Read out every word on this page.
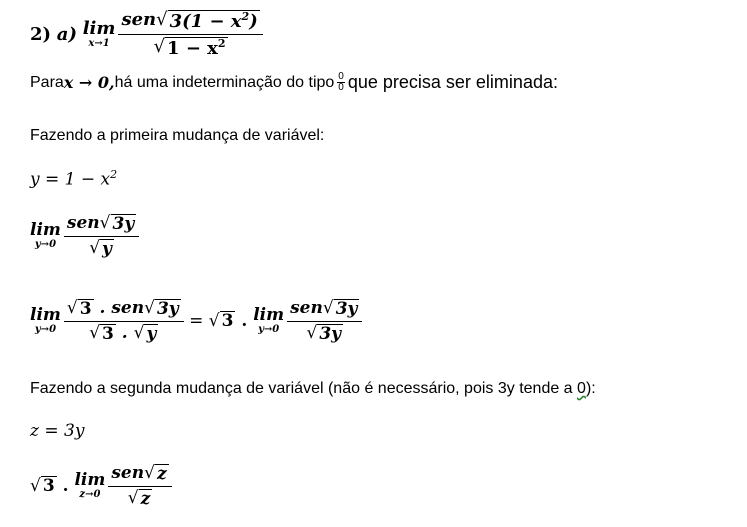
2)
a)
lim
$x\to 1 \frac{sen √ 3(1 - x^2)}{√ 1 - x^2}$
Para x → 0, há uma indeterminação do tipo $\frac{0}{0}$ que precisa ser eliminada:
Fazendo a primeira mudança de variável:
$y = 1 - x^2$
lim
$y\to 0 \frac{\text{sen √ 3y}}{√ y}$
lim
$y\to 0 \frac{\text{√ 3 . sen √ 3y}}{√ 3 . √ y}$ = √ 3 . lim
$y\to 0 \frac{\text{sen √ 3y}}{√ 3y}$
Fazendo a segunda mudança de variável (não é necessário, pois 3y tende a 0):
z = 3y
√ 3 . lim
$z\to 0 \frac{\text{sen √ z}}{√ z}$
